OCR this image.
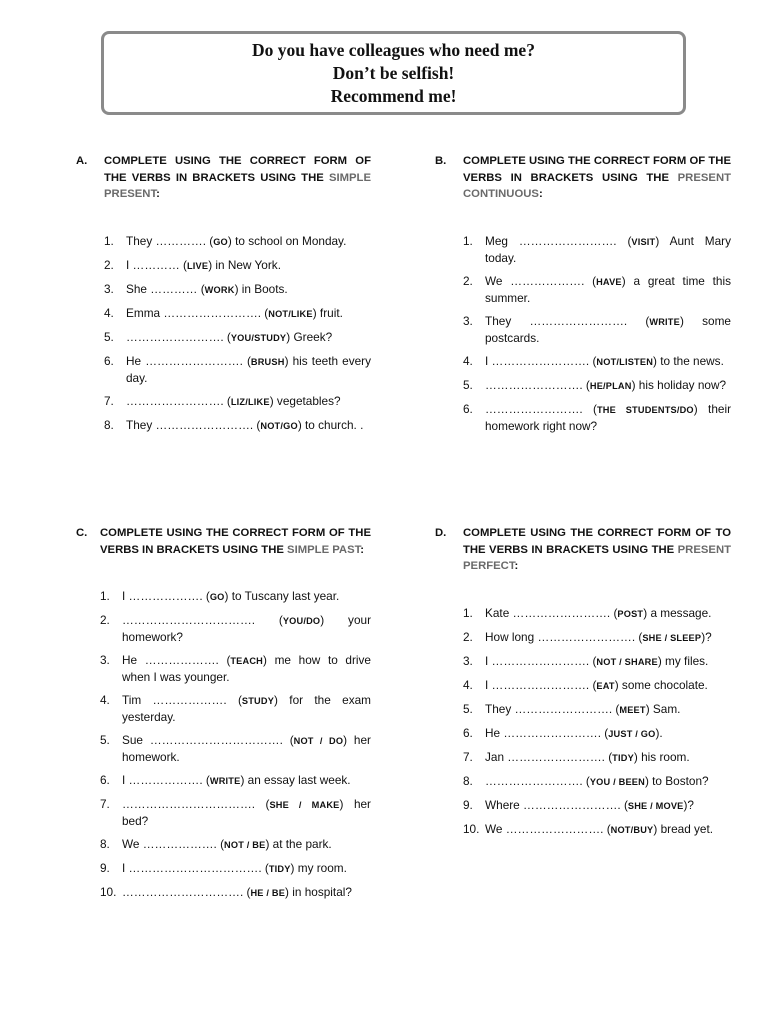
Do you have colleagues who need me?
Don’t be selfish!
Recommend me!
A. COMPLETE USING THE CORRECT FORM OF THE VERBS IN BRACKETS USING THE SIMPLE PRESENT:
1. They …………. (GO) to school on Monday.
2. I ………… (LIVE) in New York.
3. She ………… (WORK) in Boots.
4. Emma ……………………. (NOT/LIKE) fruit.
5. ……………………. (YOU/STUDY) Greek?
6. He ……………………. (BRUSH) his teeth every day.
7. ……………………. (LIZ/LIKE) vegetables?
8. They ……………………. (NOT/GO) to church. .
B. COMPLETE USING THE CORRECT FORM OF THE VERBS IN BRACKETS USING THE PRESENT CONTINUOUS:
1. Meg ……………………. (VISIT) Aunt Mary today.
2. We ………………. (HAVE) a great time this summer.
3. They ……………………. (WRITE) some postcards.
4. I ……………………. (NOT/LISTEN) to the news.
5. ……………………. (HE/PLAN) his holiday now?
6. ……………………. (THE STUDENTS/DO) their homework right now?
C. COMPLETE USING THE CORRECT FORM OF THE VERBS IN BRACKETS USING THE SIMPLE PAST:
1. I ………………. (GO) to Tuscany last year.
2. ……………………………. (YOU/DO) your homework?
3. He ………………. (TEACH) me how to drive when I was younger.
4. Tim ………………. (STUDY) for the exam yesterday.
5. Sue ……………………………. (NOT / DO) her homework.
6. I ………………. (WRITE) an essay last week.
7. ……………………………. (SHE / MAKE) her bed?
8. We ………………. (NOT / BE) at the park.
9. I ……………………………. (TIDY) my room.
10. …………………………. (HE / BE) in hospital?
D. COMPLETE USING THE CORRECT FORM OF TO THE VERBS IN BRACKETS USING THE PRESENT PERFECT:
1. Kate ……………………. (POST) a message.
2. How long ……………………. (SHE / SLEEP)?
3. I ……………………. (NOT / SHARE) my files.
4. I ……………………. (EAT) some chocolate.
5. They ……………………. (MEET) Sam.
6. He ……………………. (JUST / GO).
7. Jan ……………………. (TIDY) his room.
8. ……………………. (YOU / BEEN) to Boston?
9. Where ……………………. (SHE / MOVE)?
10. We ……………………. (NOT/BUY) bread yet.
